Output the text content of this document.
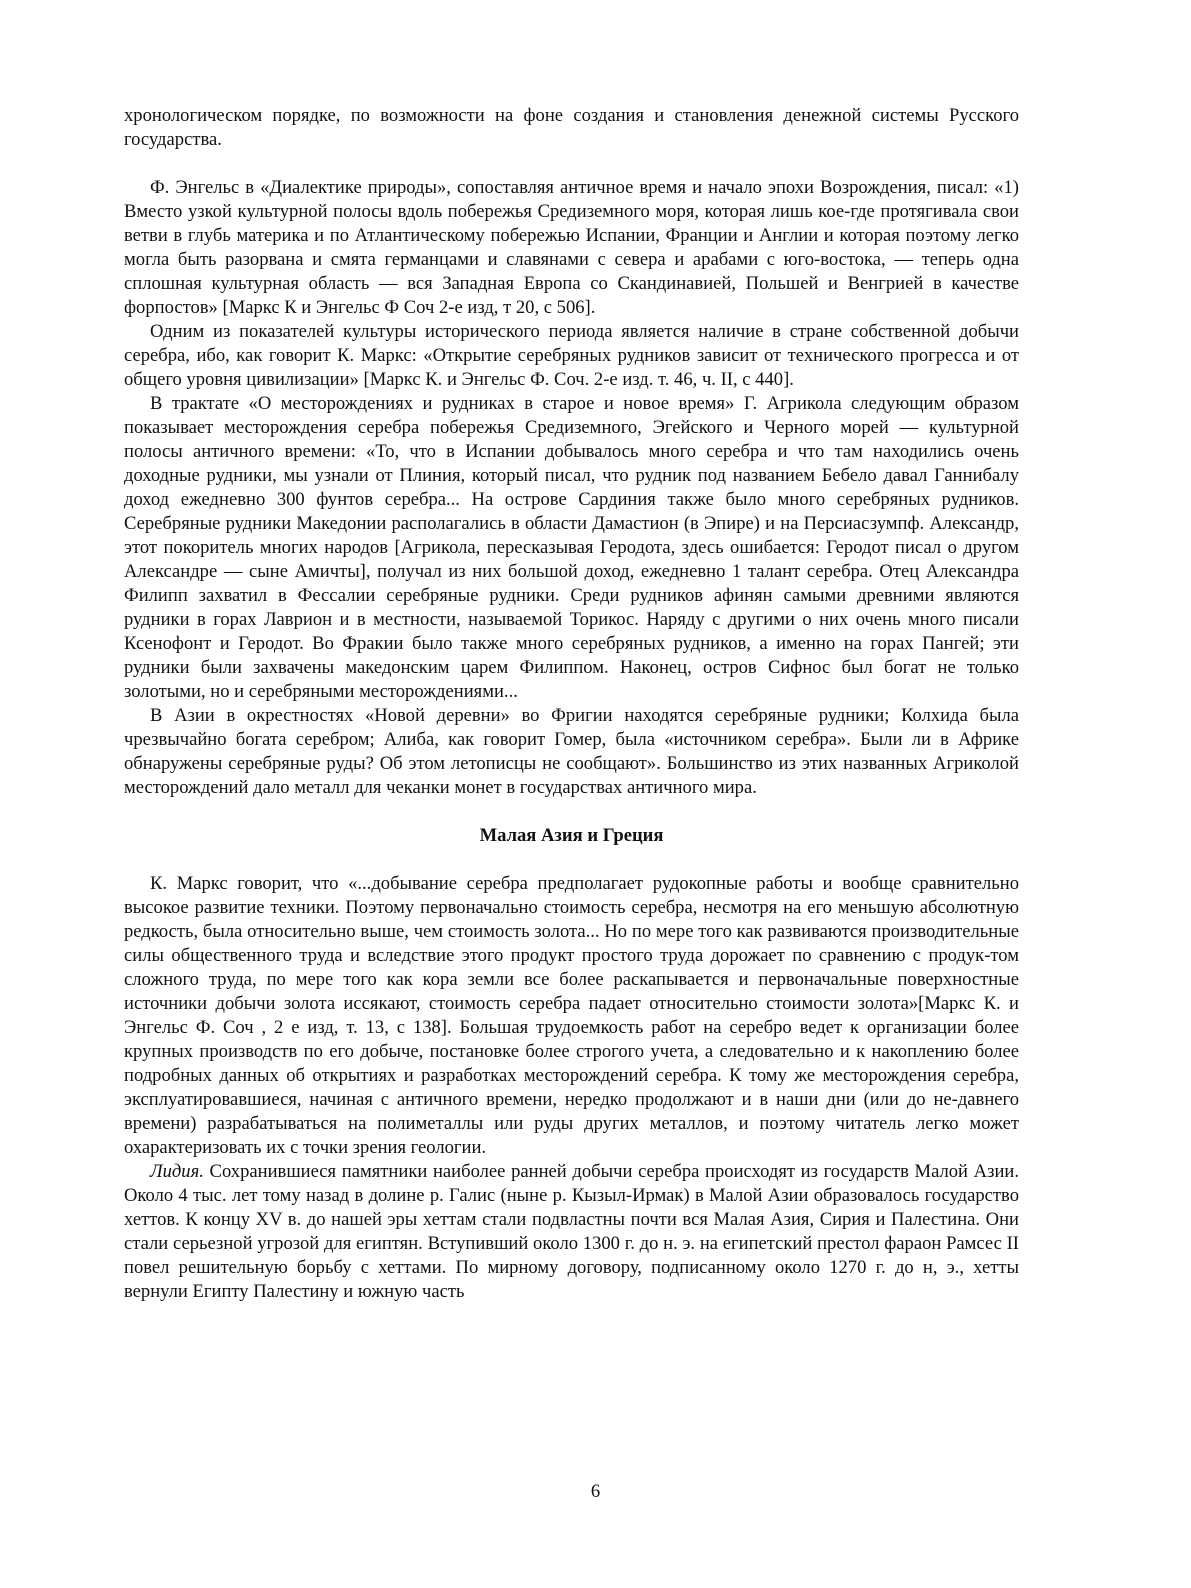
хронологическом порядке, по возможности на фоне создания и становления денежной системы Русского государства.

Ф. Энгельс в «Диалектике природы», сопоставляя античное время и начало эпохи Возрождения, писал: «1) Вместо узкой культурной полосы вдоль побережья Средиземного моря, которая лишь кое-где протягивала свои ветви в глубь материка и по Атлантическому побережью Испании, Франции и Англии и которая поэтому легко могла быть разорвана и смята германцами и славянами с севера и арабами с юго-востока, — теперь одна сплошная культурная область — вся Западная Европа со Скандинавией, Польшей и Венгрией в качестве форпостов» [Маркс К и Энгельс Ф Соч 2-е изд, т 20, с 506].

Одним из показателей культуры исторического периода является наличие в стране собственной добычи серебра, ибо, как говорит К. Маркс: «Открытие серебряных рудников зависит от технического прогресса и от общего уровня цивилизации» [Маркс К. и Энгельс Ф. Соч. 2-е изд. т. 46, ч. II, с 440].

В трактате «О месторождениях и рудниках в старое и новое время» Г. Агрикола следующим образом показывает месторождения серебра побережья Средиземного, Эгейского и Черного морей — культурной полосы античного времени: «То, что в Испании добывалось много серебра и что там находились очень доходные рудники, мы узнали от Плиния, который писал, что рудник под названием Бебело давал Ганнибалу доход ежедневно 300 фунтов серебра... На острове Сардиния также было много серебряных рудников. Серебряные рудники Македонии располагались в области Дамастион (в Эпире) и на Персиасзумпф. Александр, этот покоритель многих народов [Агрикола, пересказывая Геродота, здесь ошибается: Геродот писал о другом Александре — сыне Амичты], получал из них большой доход, ежедневно 1 талант серебра. Отец Александра Филипп захватил в Фессалии серебряные рудники. Среди рудников афинян самыми древними являются рудники в горах Лаврион и в местности, называемой Торикос. Наряду с другими о них очень много писали Ксенофонт и Геродот. Во Фракии было также много серебряных рудников, а именно на горах Пангей; эти рудники были захвачены македонским царем Филиппом. Наконец, остров Сифнос был богат не только золотыми, но и серебряными месторождениями...

В Азии в окрестностях «Новой деревни» во Фригии находятся серебряные рудники; Колхида была чрезвычайно богата серебром; Алиба, как говорит Гомер, была «источником серебра». Были ли в Африке обнаружены серебряные руды? Об этом летописцы не сообщают». Большинство из этих названных Агриколой месторождений дало металл для чеканки монет в государствах античного мира.

Малая Азия и Греция

К. Маркс говорит, что «...добывание серебра предполагает рудокопные работы и вообще сравнительно высокое развитие техники. Поэтому первоначально стоимость серебра, несмотря на его меньшую абсолютную редкость, была относительно выше, чем стоимость золота... Но по мере того как развиваются производительные силы общественного труда и вследствие этого продукт простого труда дорожает по сравнению с продук-том сложного труда, по мере того как кора земли все более раскапывается и первоначальные поверхностные источники добычи золота иссякают, стоимость серебра падает относительно стоимости золота»[Маркс К. и Энгельс Ф. Соч , 2 е изд, т. 13, с 138]. Большая трудоемкость работ на серебро ведет к организации более крупных производств по его добыче, постановке более строгого учета, а следовательно и к накоплению более подробных данных об открытиях и разработках месторождений серебра. К тому же месторождения серебра, эксплуатировавшиеся, начиная с античного времени, нередко продолжают и в наши дни (или до не-давнего времени) разрабатываться на полиметаллы или руды других металлов, и поэтому читатель легко может охарактеризовать их с точки зрения геологии.

Лидия. Сохранившиеся памятники наиболее ранней добычи серебра происходят из государств Малой Азии. Около 4 тыс. лет тому назад в долине р. Галис (ныне р. Кызыл-Ирмак) в Малой Азии образовалось государство хеттов. К концу XV в. до нашей эры хеттам стали подвластны почти вся Малая Азия, Сирия и Палестина. Они стали серьезной угрозой для египтян. Вступивший около 1300 г. до н. э. на египетский престол фараон Рамсес II повел решительную борьбу с хеттами. По мирному договору, подписанному около 1270 г. до н, э., хетты вернули Египту Палестину и южную часть

6
